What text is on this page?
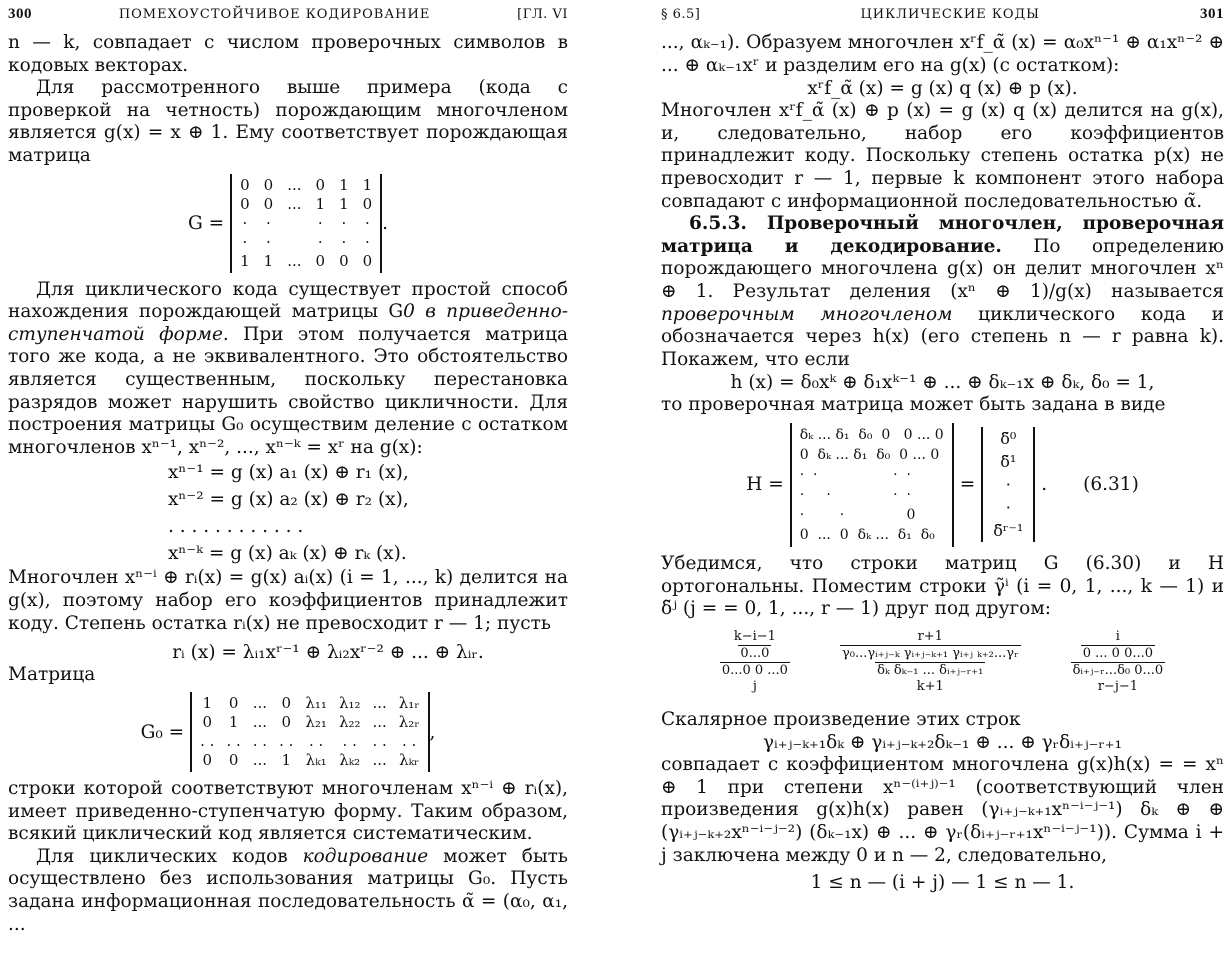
300	ПОМЕХОУСТОЙЧИВОЕ КОДИРОВАНИЕ	[ГЛ. VI

n — k, совпадает с числом проверочных символов в кодовых векторах.

Для рассмотренного выше примера (кода с проверкой на четность) порождающим многочленом является g(x) = x ⊕ 1. Ему соответствует порождающая матрица

G =
0 0 ... 0 1 1
0 0 ... 1 1 0
· ·	· · ·
· ·	· · ·
1 1 ... 0 0 0
.

Для циклического кода существует простой способ нахождения порождающей матрицы G0 в приведенно-ступенчатой форме. При этом получается матрица того же кода, а не эквивалентного. Это обстоятельство является существенным, поскольку перестановка разрядов может нарушить свойство цикличности. Для построения матрицы G₀ осуществим деление с остатком многочленов xⁿ⁻¹, xⁿ⁻², ..., xⁿ⁻ᵏ = xʳ на g(x):

xⁿ⁻¹ = g (x) a₁ (x) ⊕ r₁ (x),
xⁿ⁻² = g (x) a₂ (x) ⊕ r₂ (x),
. . . . . . . . . . . .
xⁿ⁻ᵏ = g (x) aₖ (x) ⊕ rₖ (x).

Многочлен xⁿ⁻ⁱ ⊕ rᵢ(x) = g(x) aᵢ(x) (i = 1, ..., k) делится на g(x), поэтому набор его коэффициентов принадлежит коду. Степень остатка rᵢ(x) не превосходит r — 1; пусть

rᵢ (x) = λᵢ₁xʳ⁻¹ ⊕ λᵢ₂xʳ⁻² ⊕ ... ⊕ λᵢᵣ.
Матрица
G₀ =
1 0 ... 0 λ₁₁ λ₁₂ ... λ₁ᵣ
0 1 ... 0 λ₂₁ λ₂₂ ... λ₂ᵣ
. . . . . . . . . . . . . . . .
0 0 ... 1 λₖ₁ λₖ₂ ... λₖᵣ
,

строки которой соответствуют многочленам xⁿ⁻ⁱ ⊕ rᵢ(x), имеет приведенно-ступенчатую форму. Таким образом, всякий циклический код является систематическим.

Для циклических кодов кодирование может быть осуществлено без использования матрицы G₀. Пусть задана информационная последовательность α̃ = (α₀, α₁, ...

§ 6.5]	ЦИКЛИЧЕСКИЕ КОДЫ	301

..., αₖ₋₁). Образуем многочлен xʳf_α̃ (x) = α₀xⁿ⁻¹ ⊕ α₁xⁿ⁻² ⊕ ... ⊕ αₖ₋₁xʳ и разделим его на g(x) (с остатком):

xʳf_α̃ (x) = g (x) q (x) ⊕ p (x).

Многочлен xʳf_α̃ (x) ⊕ p (x) = g (x) q (x) делится на g(x), и, следовательно, набор его коэффициентов принадлежит коду. Поскольку степень остатка p(x) не превосходит r — 1, первые k компонент этого набора совпадают с информационной последовательностью α̃.

6.5.3. Проверочный многочлен, проверочная матрица и декодирование. По определению порождающего многочлена g(x) он делит многочлен xⁿ ⊕ 1. Результат деления (xⁿ ⊕ 1)/g(x) называется проверочным многочленом циклического кода и обозначается через h(x) (его степень n — r равна k). Покажем, что если

h (x) = δ₀xᵏ ⊕ δ₁xᵏ⁻¹ ⊕ ... ⊕ δₖ₋₁x ⊕ δₖ, δ₀ = 1,

то проверочная матрица может быть задана в виде

H =
δₖ ... δ₁  δ₀  0   0 ... 0
0  δₖ ... δ₁  δ₀  0 ... 0
·  ·                 ·  ·
·     ·              ·  ·
·        ·              0
0  ...  0  δₖ ...  δ₁  δ₀
=
δ̃⁰
δ̃¹
·
·
δ̃ʳ⁻¹
. (6.31)

Убедимся, что строки матриц G (6.30) и H ортогональны. Поместим строки γ̃ⁱ (i = 0, 1, ..., k — 1) и δ̃ʲ (j = = 0, 1, ..., r — 1) друг под другом:

k−i−1
0...0
0...0 0 ...0
j
r+1
γ₀...γᵢ₊ⱼ₋ₖ γᵢ₊ⱼ₋ₖ₊₁ γᵢ₊ⱼ ₖ₊₂...γᵣ
δₖ δₖ₋₁ ... δᵢ₊ⱼ₋ᵣ₊₁
k+1
i
0 ... 0 0...0
δᵢ₊ⱼ₋ᵣ...δ₀ 0...0
r−j−1

Скалярное произведение этих строк

γᵢ₊ⱼ₋ₖ₊₁δₖ ⊕ γᵢ₊ⱼ₋ₖ₊₂δₖ₋₁ ⊕ ... ⊕ γᵣδᵢ₊ⱼ₋ᵣ₊₁

совпадает с коэффициентом многочлена g(x)h(x) = = xⁿ ⊕ 1 при степени xⁿ⁻⁽ⁱ⁺ʲ⁾⁻¹ (соответствующий член произведения g(x)h(x) равен (γᵢ₊ⱼ₋ₖ₊₁xⁿ⁻ⁱ⁻ʲ⁻¹) δₖ ⊕ ⊕ (γᵢ₊ⱼ₋ₖ₊₂xⁿ⁻ⁱ⁻ʲ⁻²) (δₖ₋₁x) ⊕ ... ⊕ γᵣ(δᵢ₊ⱼ₋ᵣ₊₁xⁿ⁻ⁱ⁻ʲ⁻¹)). Сумма i + j заключена между 0 и n — 2, следовательно,

1 ≤ n — (i + j) — 1 ≤ n — 1.
